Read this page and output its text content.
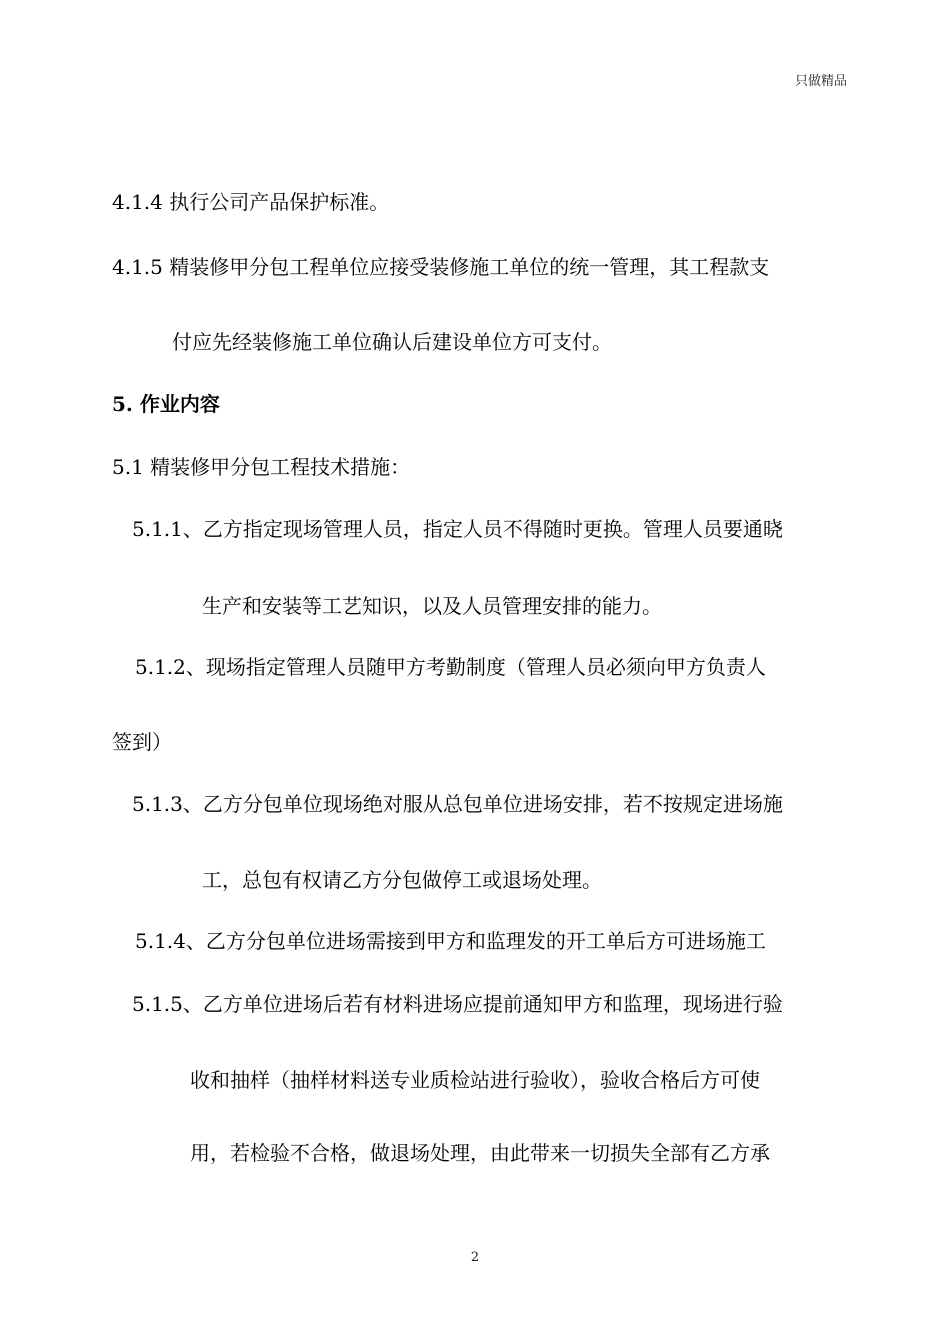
只做精品
4.1.4 执行公司产品保护标准。
4.1.5 精装修甲分包工程单位应接受装修施工单位的统一管理，其工程款支
付应先经装修施工单位确认后建设单位方可支付。
5. 作业内容
5.1 精装修甲分包工程技术措施：
5.1.1、乙方指定现场管理人员，指定人员不得随时更换。管理人员要通晓
生产和安装等工艺知识，以及人员管理安排的能力。
5.1.2、现场指定管理人员随甲方考勤制度（管理人员必须向甲方负责人
签到）
5.1.3、乙方分包单位现场绝对服从总包单位进场安排，若不按规定进场施
工，总包有权请乙方分包做停工或退场处理。
5.1.4、乙方分包单位进场需接到甲方和监理发的开工单后方可进场施工
5.1.5、乙方单位进场后若有材料进场应提前通知甲方和监理，现场进行验
收和抽样（抽样材料送专业质检站进行验收），验收合格后方可使
用，若检验不合格，做退场处理，由此带来一切损失全部有乙方承
2
